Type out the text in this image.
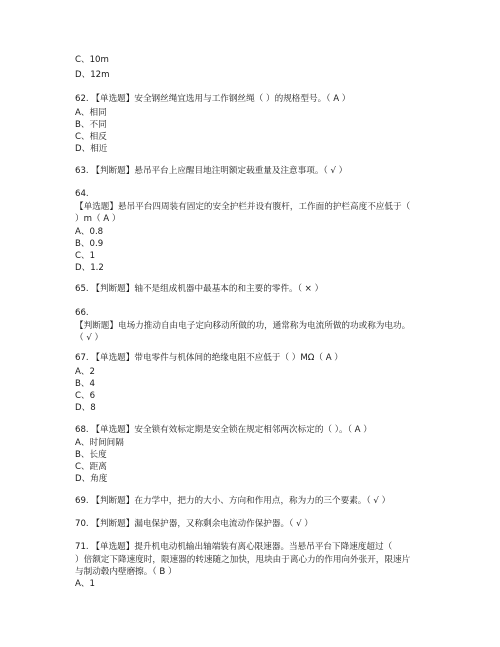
C、10m
D、12m
62. 【单选题】安全钢丝绳宜选用与工作钢丝绳（ ）的规格型号。（ A ）
A、相同
B、不同
C、相反
D、相近
63. 【判断题】悬吊平台上应醒目地注明额定载重量及注意事项。（ √ ）
64.
【单选题】悬吊平台四周装有固定的安全护栏并设有腹杆，工作面的护栏高度不应低于（
）m（ A ）
A、0.8
B、0.9
C、1
D、1.2
65. 【判断题】轴不是组成机器中最基本的和主要的零件。（ × ）
66.
【判断题】电场力推动自由电子定向移动所做的功，通常称为电流所做的功或称为电功。
（ √ ）
67. 【单选题】带电零件与机体间的绝缘电阻不应低于（ ）MΩ（ A ）
A、2
B、4
C、6
D、8
68. 【单选题】安全锁有效标定期是安全锁在规定相邻两次标定的（ ）。（ A ）
A、时间间隔
B、长度
C、距离
D、角度
69. 【判断题】在力学中，把力的大小、方向和作用点，称为力的三个要素。（ √ ）
70. 【判断题】漏电保护器，又称剩余电流动作保护器。（ √ ）
71. 【单选题】提升机电动机输出轴端装有离心限速器。当悬吊平台下降速度超过（
）倍额定下降速度时，限速器的转速随之加快，甩块由于离心力的作用向外张开，限速片
与制动毂内壁磨擦。（ B ）
A、1
